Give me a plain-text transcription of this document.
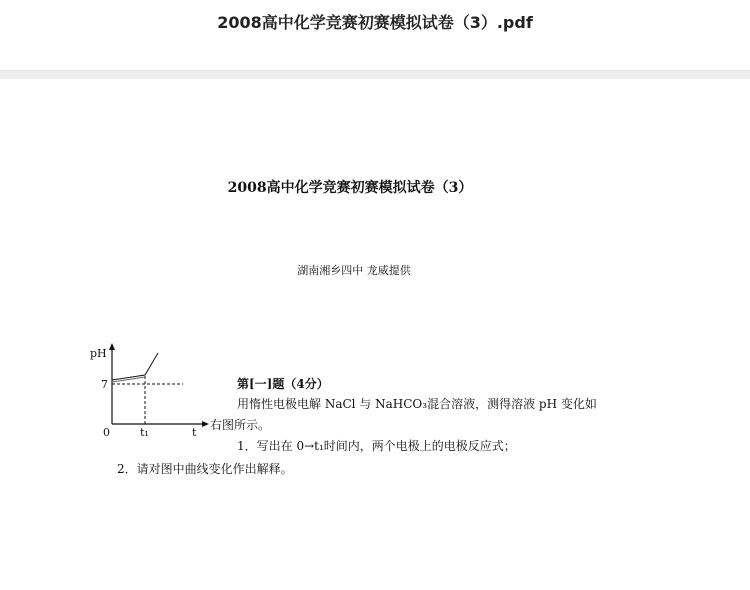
2008高中化学竞赛初赛模拟试卷（3）.pdf
2008高中化学竞赛初赛模拟试卷（3）
湖南湘乡四中 龙威提供
pH
7
0	t₁	t
第[一]题（4分）
用惰性电极电解 NaCl 与 NaHCO₃混合溶液，测得溶液 pH 变化如
右图所示。
1．写出在 0→t₁时间内，两个电极上的电极反应式；
2．请对图中曲线变化作出解释。
